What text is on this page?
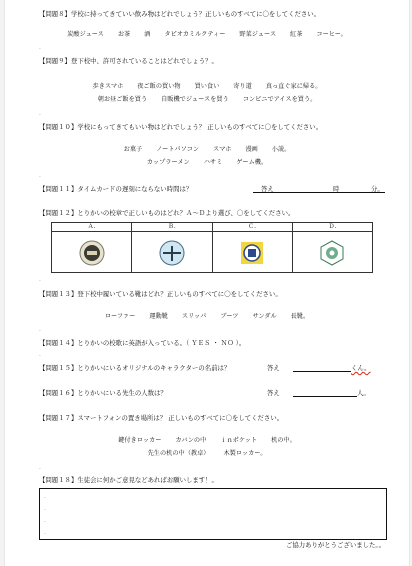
【問題８】学校に持ってきていい飲み物はどれでしょう？正しいものすべてに〇をしてください。
炭酸ジュース お茶 酒 タピオカミルクティー 野菜ジュース 紅茶 コーヒー。
.
【問題９】登下校中、許可されていることはどれでしょう？。
歩きスマホ 夜ご飯の買い物 買い食い 寄り道 真っ直ぐ家に帰る。
朝お昼ご飯を買う 自販機でジュースを買う コンビニでアイスを買う。
.
【問題１０】学校にもってきてもいい物はどれでしょう？ 正しいものすべてに〇をしてください。
お菓子 ノートパソコン スマホ 漫画 小説。
カップラーメン ハサミ ゲーム機。
.
【問題１１】タイムカードの遅刻にならない時間は？	答え	時	分。
【問題１２】とりかいの校章で正しいものはどれ？Ａ～Ｄより選び、〇をしてください。
Ａ.	Ｂ.	Ｃ.	Ｄ.

.
【問題１３】登下校中履いている靴はどれ？正しいものすべてに〇をしてください。
ローファー 運動靴 スリッパ ブーツ サンダル 長靴。
.
【問題１４】とりかいの校歌に英語が入っている。（ ＹＥＳ ・ ＮＯ ）。
.
【問題１５】とりかいにいるオリジナルのキャラクターの名前は？	答え	くん。
【問題１６】とりかいにいる先生の人数は？	答え	人。
【問題１７】スマートフォンの置き場所は？ 正しいものすべてに〇をしてください。
鍵付きロッカー カバンの中 ｉｎポケット 机の中。
先生の机の中（教卓） 木製ロッカー。
.
【問題１８】生徒会に何かご意見などあればお願いします！。
.
.
.
.
ご協力ありがとうございました。。
